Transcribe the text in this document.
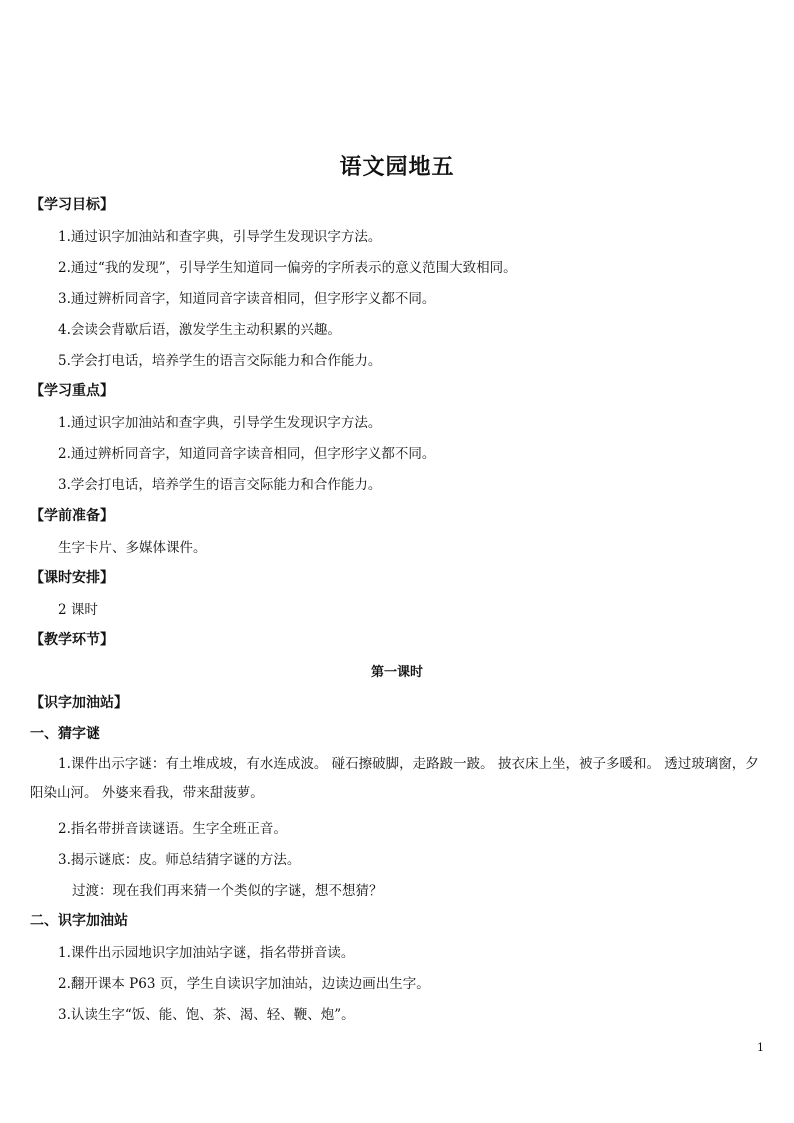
语文园地五
【学习目标】
1.通过识字加油站和查字典，引导学生发现识字方法。
2.通过“我的发现”，引导学生知道同一偏旁的字所表示的意义范围大致相同。
3.通过辨析同音字，知道同音字读音相同，但字形字义都不同。
4.会读会背歇后语，激发学生主动积累的兴趣。
5.学会打电话，培养学生的语言交际能力和合作能力。
【学习重点】
1.通过识字加油站和查字典，引导学生发现识字方法。
2.通过辨析同音字，知道同音字读音相同，但字形字义都不同。
3.学会打电话，培养学生的语言交际能力和合作能力。
【学前准备】
生字卡片、多媒体课件。
【课时安排】
2 课时
【教学环节】
第一课时
【识字加油站】
一、猜字谜
1.课件出示字谜：有土堆成坡，有水连成波。 碰石擦破脚，走路跛一跛。 披衣床上坐，被子多暖和。 透过玻璃窗，夕阳染山河。 外婆来看我，带来甜菠萝。
2.指名带拼音读谜语。生字全班正音。
3.揭示谜底：皮。师总结猜字谜的方法。
过渡：现在我们再来猜一个类似的字谜，想不想猜？
二、识字加油站
1.课件出示园地识字加油站字谜，指名带拼音读。
2.翻开课本 P63 页，学生自读识字加油站，边读边画出生字。
3.认读生字“饭、能、饱、茶、渴、轻、鞭、炮”。
1
